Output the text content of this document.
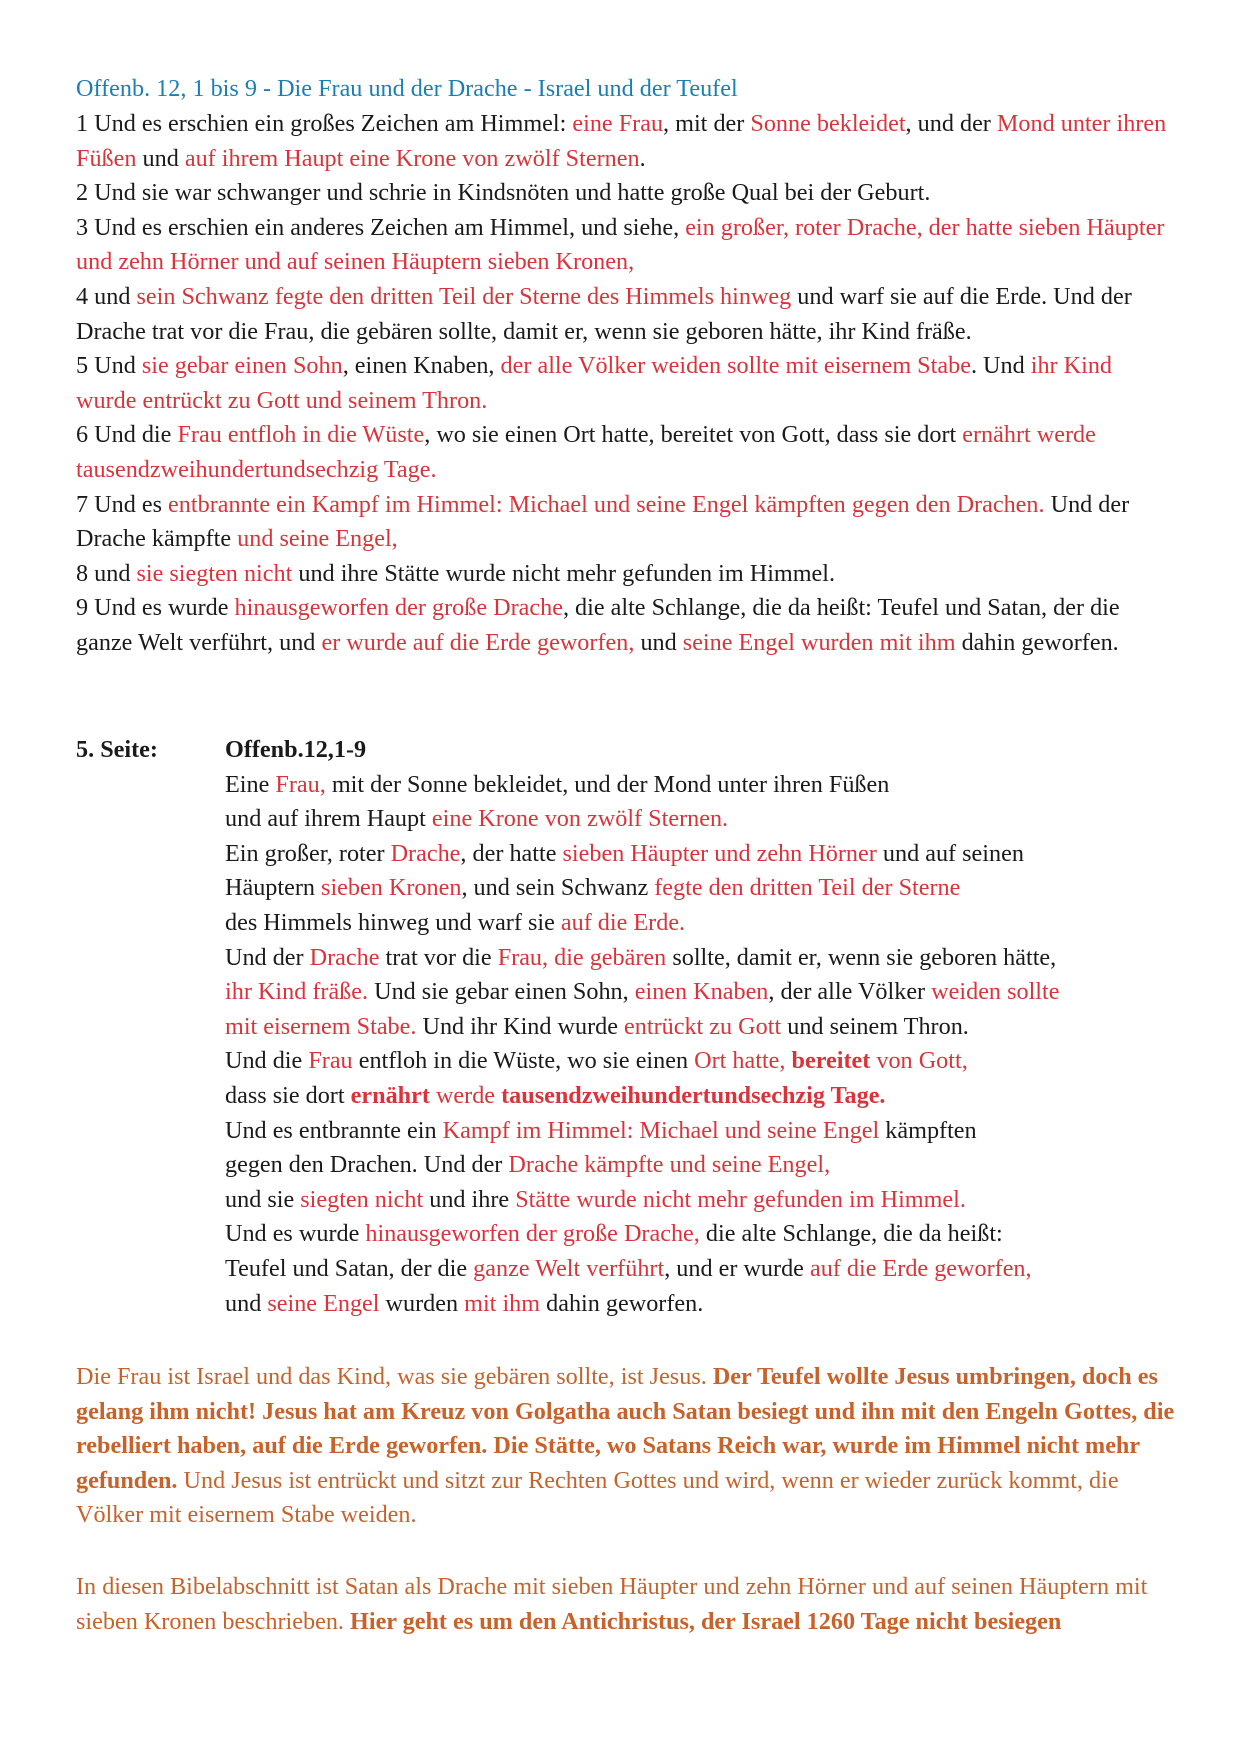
Offenb. 12, 1 bis 9 - Die Frau und der Drache - Israel und der Teufel

1 Und es erschien ein großes Zeichen am Himmel: eine Frau, mit der Sonne bekleidet, und der Mond unter ihren Füßen und auf ihrem Haupt eine Krone von zwölf Sternen.

2 Und sie war schwanger und schrie in Kindsnöten und hatte große Qual bei der Geburt.

3 Und es erschien ein anderes Zeichen am Himmel, und siehe, ein großer, roter Drache, der hatte sieben Häupter und zehn Hörner und auf seinen Häuptern sieben Kronen,

4 und sein Schwanz fegte den dritten Teil der Sterne des Himmels hinweg und warf sie auf die Erde. Und der Drache trat vor die Frau, die gebären sollte, damit er, wenn sie geboren hätte, ihr Kind fräße.

5 Und sie gebar einen Sohn, einen Knaben, der alle Völker weiden sollte mit eisernem Stabe. Und ihr Kind wurde entrückt zu Gott und seinem Thron.

6 Und die Frau entfloh in die Wüste, wo sie einen Ort hatte, bereitet von Gott, dass sie dort ernährt werde tausendzweihundertundsechzig Tage.

7 Und es entbrannte ein Kampf im Himmel: Michael und seine Engel kämpften gegen den Drachen. Und der Drache kämpfte und seine Engel,

8 und sie siegten nicht und ihre Stätte wurde nicht mehr gefunden im Himmel.

9 Und es wurde hinausgeworfen der große Drache, die alte Schlange, die da heißt: Teufel und Satan, der die ganze Welt verführt, und er wurde auf die Erde geworfen, und seine Engel wurden mit ihm dahin geworfen.

5. Seite:	Offenb.12,1-9

Eine Frau, mit der Sonne bekleidet, und der Mond unter ihren Füßen

und auf ihrem Haupt eine Krone von zwölf Sternen.

Ein großer, roter Drache, der hatte sieben Häupter und zehn Hörner und auf seinen

Häuptern sieben Kronen, und sein Schwanz fegte den dritten Teil der Sterne

des Himmels hinweg und warf sie auf die Erde.

Und der Drache trat vor die Frau, die gebären sollte, damit er, wenn sie geboren hätte,

ihr Kind fräße. Und sie gebar einen Sohn, einen Knaben, der alle Völker weiden sollte

mit eisernem Stabe. Und ihr Kind wurde entrückt zu Gott und seinem Thron.

Und die Frau entfloh in die Wüste, wo sie einen Ort hatte, bereitet von Gott,

dass sie dort ernährt werde tausendzweihundertundsechzig Tage.

Und es entbrannte ein Kampf im Himmel: Michael und seine Engel kämpften

gegen den Drachen. Und der Drache kämpfte und seine Engel,

und sie siegten nicht und ihre Stätte wurde nicht mehr gefunden im Himmel.

Und es wurde hinausgeworfen der große Drache, die alte Schlange, die da heißt:

Teufel und Satan, der die ganze Welt verführt, und er wurde auf die Erde geworfen,

und seine Engel wurden mit ihm dahin geworfen.

Die Frau ist Israel und das Kind, was sie gebären sollte, ist Jesus. Der Teufel wollte Jesus umbringen, doch es gelang ihm nicht! Jesus hat am Kreuz von Golgatha auch Satan besiegt und ihn mit den Engeln Gottes, die rebelliert haben, auf die Erde geworfen. Die Stätte, wo Satans Reich war, wurde im Himmel nicht mehr gefunden. Und Jesus ist entrückt und sitzt zur Rechten Gottes und wird, wenn er wieder zurück kommt, die Völker mit eisernem Stabe weiden.

In diesen Bibelabschnitt ist Satan als Drache mit sieben Häupter und zehn Hörner und auf seinen Häuptern mit sieben Kronen beschrieben. Hier geht es um den Antichristus, der Israel 1260 Tage nicht besiegen
